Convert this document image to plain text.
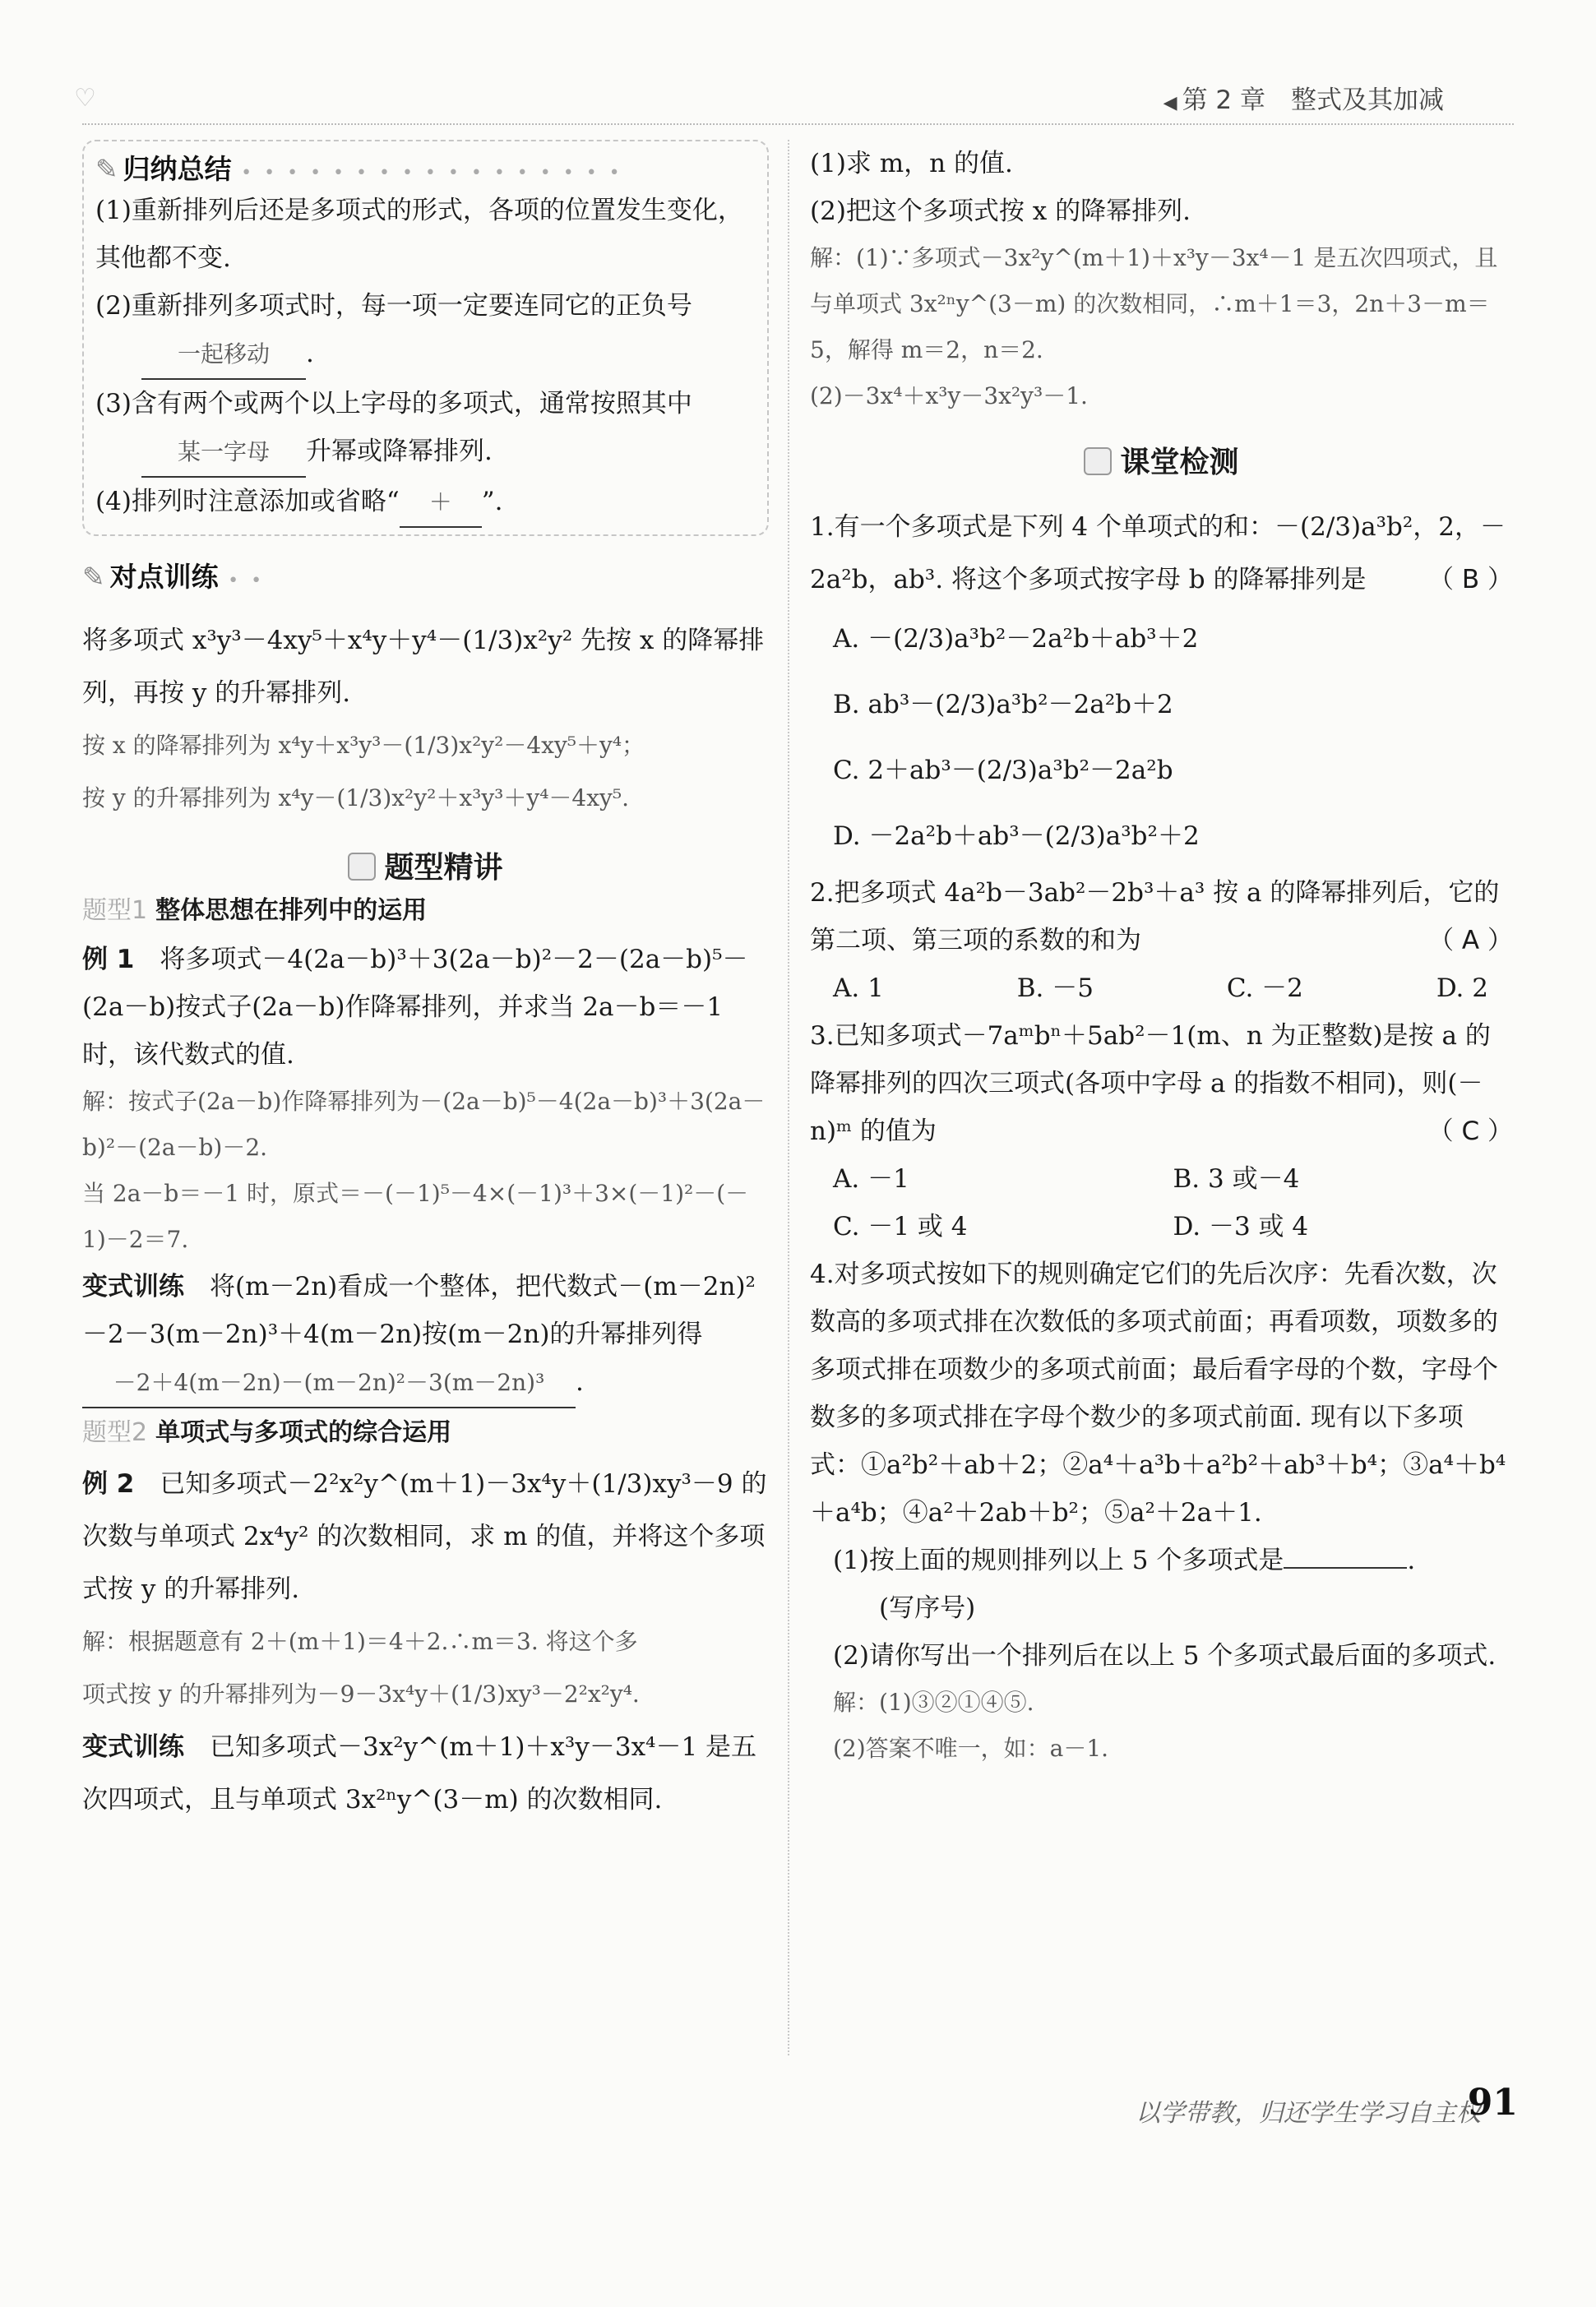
♡	◀ 第 2 章　整式及其加减
✎ 归纳总结 • • • • • • • • • • • • • • • • •

(1)重新排列后还是多项式的形式，各项的位置发生变化，其他都不变.

(2)重新排列多项式时，每一项一定要连同它的正负号
一起移动 .

(3)含有两个或两个以上字母的多项式，通常按照其中
某一字母 升幂或降幂排列.

(4)排列时注意添加或省略“ ＋ ”.

✎ 对点训练 • •

将多项式 x³y³－4xy⁵＋x⁴y＋y⁴－(1/3)x²y² 先按 x 的降幂排列，再按 y 的升幂排列.

按 x 的降幂排列为 x⁴y＋x³y³－(1/3)x²y²－4xy⁵＋y⁴；

按 y 的升幂排列为 x⁴y－(1/3)x²y²＋x³y³＋y⁴－4xy⁵.

题型精讲
题型1 整体思想在排列中的运用

例 1　 将多项式－4(2a－b)³＋3(2a－b)²－2－(2a－b)⁵－(2a－b)按式子(2a－b)作降幂排列，并求当 2a－b＝－1 时，该代数式的值.

解：按式子(2a－b)作降幂排列为－(2a－b)⁵－4(2a－b)³＋3(2a－b)²－(2a－b)－2.

当 2a－b＝－1 时，原式＝－(－1)⁵－4×(－1)³＋3×(－1)²－(－1)－2＝7.

变式训练　 将(m－2n)看成一个整体，把代数式－(m－2n)²－2－3(m－2n)³＋4(m－2n)按(m－2n)的升幂排列得－2＋4(m－2n)－(m－2n)²－3(m－2n)³ .

题型2 单项式与多项式的综合运用

例 2　 已知多项式－2²x²y^(m＋1)－3x⁴y＋(1/3)xy³－9 的次数与单项式 2x⁴y² 的次数相同，求 m 的值，并将这个多项式按 y 的升幂排列.

解：根据题意有 2＋(m＋1)＝4＋2.∴m＝3. 将这个多

项式按 y 的升幂排列为－9－3x⁴y＋(1/3)xy³－2²x²y⁴.

变式训练　 已知多项式－3x²y^(m＋1)＋x³y－3x⁴－1 是五次四项式，且与单项式 3x²ⁿy^(3－m) 的次数相同.

(1)求 m，n 的值.

(2)把这个多项式按 x 的降幂排列.

解：(1)∵多项式－3x²y^(m＋1)＋x³y－3x⁴－1 是五次四项式，且与单项式 3x²ⁿy^(3－m) 的次数相同，∴m＋1＝3，2n＋3－m＝5，解得 m＝2，n＝2.

(2)－3x⁴＋x³y－3x²y³－1.

课堂检测

1.有一个多项式是下列 4 个单项式的和：－(2/3)a³b²，2，－2a²b，ab³. 将这个多项式按字母 b 的降幂排列是 （ B ）

A. －(2/3)a³b²－2a²b＋ab³＋2
B. ab³－(2/3)a³b²－2a²b＋2
C. 2＋ab³－(2/3)a³b²－2a²b
D. －2a²b＋ab³－(2/3)a³b²＋2

2.把多项式 4a²b－3ab²－2b³＋a³ 按 a 的降幂排列后，它的第二项、第三项的系数的和为	（ A ）

A. 1	B. －5	C. －2	D. 2

3.已知多项式－7aᵐbⁿ＋5ab²－1(m、n 为正整数)是按 a 的降幂排列的四次三项式(各项中字母 a 的指数不相同)，则(－n)ᵐ 的值为	（ C ）

A. －1	B. 3 或－4
C. －1 或 4	D. －3 或 4

4.对多项式按如下的规则确定它们的先后次序：先看次数，次数高的多项式排在次数低的多项式前面；再看项数，项数多的多项式排在项数少的多项式前面；最后看字母的个数，字母个数多的多项式排在字母个数少的多项式前面. 现有以下多项式：①a²b²＋ab＋2；②a⁴＋a³b＋a²b²＋ab³＋b⁴；③a⁴＋b⁴＋a⁴b；④a²＋2ab＋b²；⑤a²＋2a＋1.

(1)按上面的规则排列以上 5 个多项式是	.
(写序号)

(2)请你写出一个排列后在以上 5 个多项式最后面的多项式.

解：(1)③②①④⑤.

(2)答案不唯一，如：a－1.

以学带教，归还学生学习自主权
91
